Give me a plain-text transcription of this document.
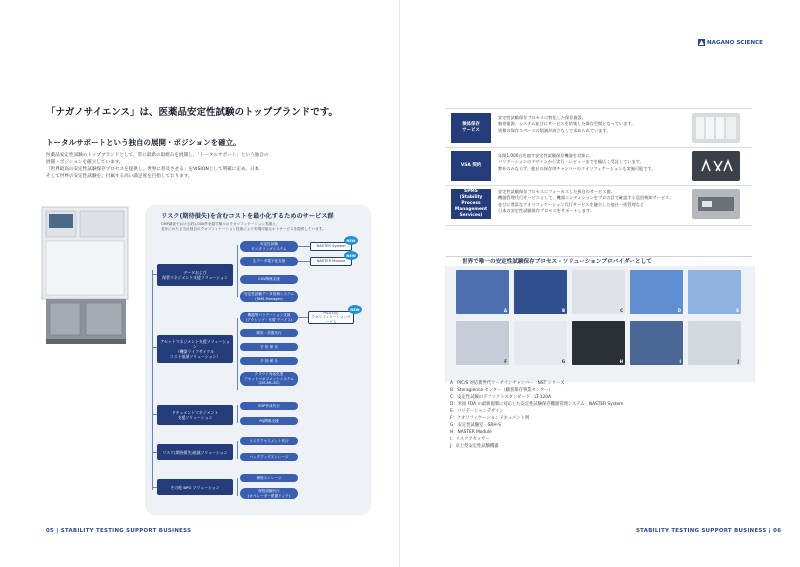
「ナガノサイエンス」は、医薬品安定性試験のトップブランドです。
トータルサポートという独自の展開・ポジションを確立。
医薬品安定性試験のトップブランドとして、常に最新の取組みを展開し、「トータルサポート」という独自の
展開・ポジションを確立しています。
「世界最高の安定性試験保存プロセスを提供し、世界に普及させる」をVISIONとして明確に定め、日本
そして世界の安定性試験を、付属する高い満足度を目指しております。
リスク(期待損失)を含むコストを最小化するためのサービス群
CMP調査でおける約1,000件を超す様々のクオリフィケーション実績と、
長年にわたる当社独自のクオリフィケーション技術により実現可能なホトサービスを提供しています。
データおよび
保管マネジメント支援ソリューション
アセットマネジメント支援ソリューション
（機器ライフサイクル
コスト低減ソリューション）
ドキュメントマネジメント
支援ソリューション
リスク(期待損失)低減ソリューション
その他 BPO ソリューション
安定性試験
モニタリングシステム
生データ電子化支援
CSV関係支援
安定性試験データ管理システム
(SMS Manager)
機器等バリデーション支援
(アクシング・代替 デバイス)
移設・設置代行
予 防 保 全
予 知 保 全
クラウド対応化型
アセットマネジメントシステム
(CIS-ML-SC)
SOP作成代行
PQ関係支援
リスクアセスメント代行
バックアップストレージ
保管ストレージ
保管試験代行
(オペレーター派遣ドック)
NASTER System
NASTER Module
PICS対応
クオリフィケーションサービス
NEW
NEW
NEW
05 | STABILITY TESTING SUPPORT BUSINESS
NAGANO SCIENCE
検体保存
サービス
安定性試験保存プロセスに特化した保存施設、
無停電源、システム並びにサービスを結集した保存空間となっています。
皆様の保存スペースの削減が成立なしで求められています。
VSA 契約
年間1,000台を超す安定性試験保存機器を対象に、
バリデーションのデザインから実行・レビューまでを幅広く受託しています。
弊社のみならず、他社の保存用チャンバーのクオリフィケーションも実施可能です。
SPMS
(Stability Process
Management Services)
安定性試験保存プロセスにフォーカスした独自のサービス群。
機器管理代行サービスとして、機器コンディションをプロの目で確認する巡回検知サービス、
並びに豊富なクオリフィケーション代行サービスを融合した他社一括管理など
日本の安定性試験保存プロセスをサポートします。
世界で唯一の安定性試験保存プロセス・ソリューションプロバイダーとして
A	B	C	D	E
F	G	H	I	J
A：PIC/S 対応新世代リーチインチャンバー　NST シリーズ
B：Storagience センター（顧客保存事業センター）
C：安定性試験のデファクトスタンダード　LT-120A
D：米国 FDA の最新規制に対応した安定性試験保存機器管理システム　NASTER System
E：バリデーションデザイン
F：クオリフィケーションドキュメント例
G：安定性試験室　SRH-S
H：NASTER Module
I：リスクアセッサー
J：卓上型安定性試験機器
STABILITY TESTING SUPPORT BUSINESS | 06
